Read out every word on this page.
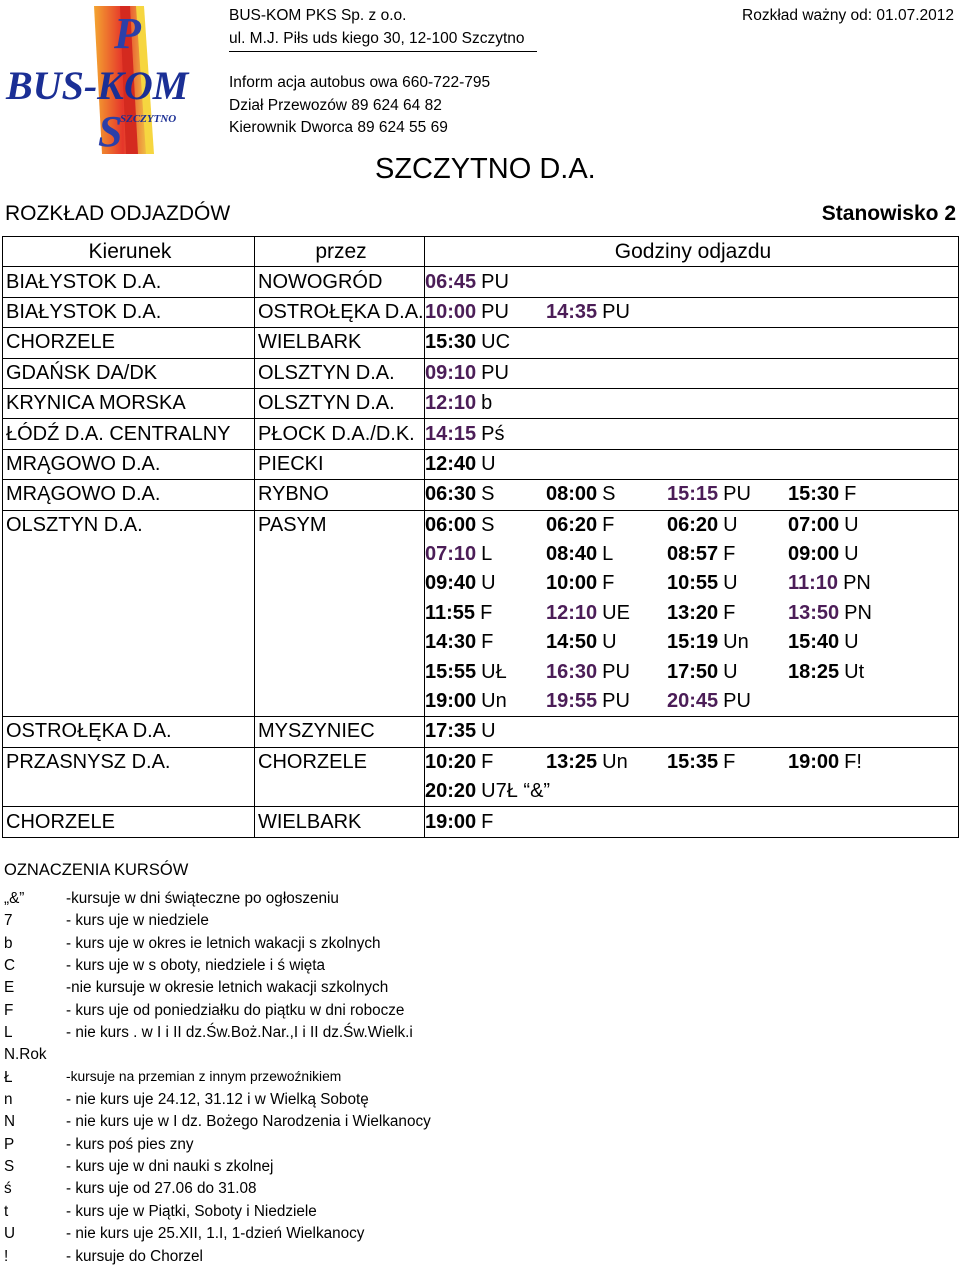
P
BUS-KOM
S
SZCZYTNO
BUS-KOM PKS Sp. z o.o.
ul. M.J. Piłs uds kiego 30, 12-100 Szczytno
Inform acja autobus owa 660-722-795
Dział Przewozów 89 624 64 82
Kierownik Dworca 89 624 55 69
Rozkład ważny od: 01.07.2012
SZCZYTNO D.A.
ROZKŁAD ODJAZDÓW	Stanowisko 2
Kierunek	przez	Godziny odjazdu
BIAŁYSTOK D.A.	NOWOGRÓD	06:45 PU
BIAŁYSTOK D.A.	OSTROŁĘKA D.A.	10:00 PU 14:35 PU
CHORZELE	WIELBARK	15:30 UC
GDAŃSK DA/DK	OLSZTYN D.A.	09:10 PU
KRYNICA MORSKA	OLSZTYN D.A.	12:10 b
ŁÓDŹ D.A. CENTRALNY	PŁOCK D.A./D.K.	14:15 Pś
MRĄGOWO D.A.	PIECKI	12:40 U
MRĄGOWO D.A.	RYBNO	06:30 S 08:00 S 15:15 PU 15:30 F
OLSZTYN D.A.	PASYM	06:00 S 06:20 F 06:20 U 07:00 U
		07:10 L 08:40 L 08:57 F 09:00 U
		09:40 U 10:00 F 10:55 U 11:10 PN
		11:55 F 12:10 UE 13:20 F 13:50 PN
		14:30 F 14:50 U 15:19 Un 15:40 U
		15:55 UŁ 16:30 PU 17:50 U 18:25 Ut
		19:00 Un 19:55 PU 20:45 PU
OSTROŁĘKA D.A.	MYSZYNIEC	17:35 U
PRZASNYSZ D.A.	CHORZELE	10:20 F 13:25 Un 15:35 F 19:00 F!
		20:20 U7Ł “&”
CHORZELE	WIELBARK	19:00 F
OZNACZENIA KURSÓW
„&”	-kursuje w dni świąteczne po ogłoszeniu
7	- kurs uje w niedziele
b	- kurs uje w okres ie letnich wakacji s zkolnych
C	- kurs uje w s oboty, niedziele i ś więta
E	-nie kursuje w okresie letnich wakacji szkolnych
F	- kurs uje od poniedziałku do piątku w dni robocze
L	- nie kurs . w I i II dz.Św.Boż.Nar.,I i II dz.Św.Wielk.i
N.Rok
Ł	-kursuje na przemian z innym przewoźnikiem
n	- nie kurs uje 24.12, 31.12 i w Wielką Sobotę
N	- nie kurs uje w I dz. Bożego Narodzenia i Wielkanocy
P	- kurs poś pies zny
S	- kurs uje w dni nauki s zkolnej
ś	- kurs uje od 27.06 do 31.08
t	- kurs uje w Piątki, Soboty i Niedziele
U	- nie kurs uje 25.XII, 1.I, 1-dzień Wielkanocy
!	- kursuje do Chorzel
